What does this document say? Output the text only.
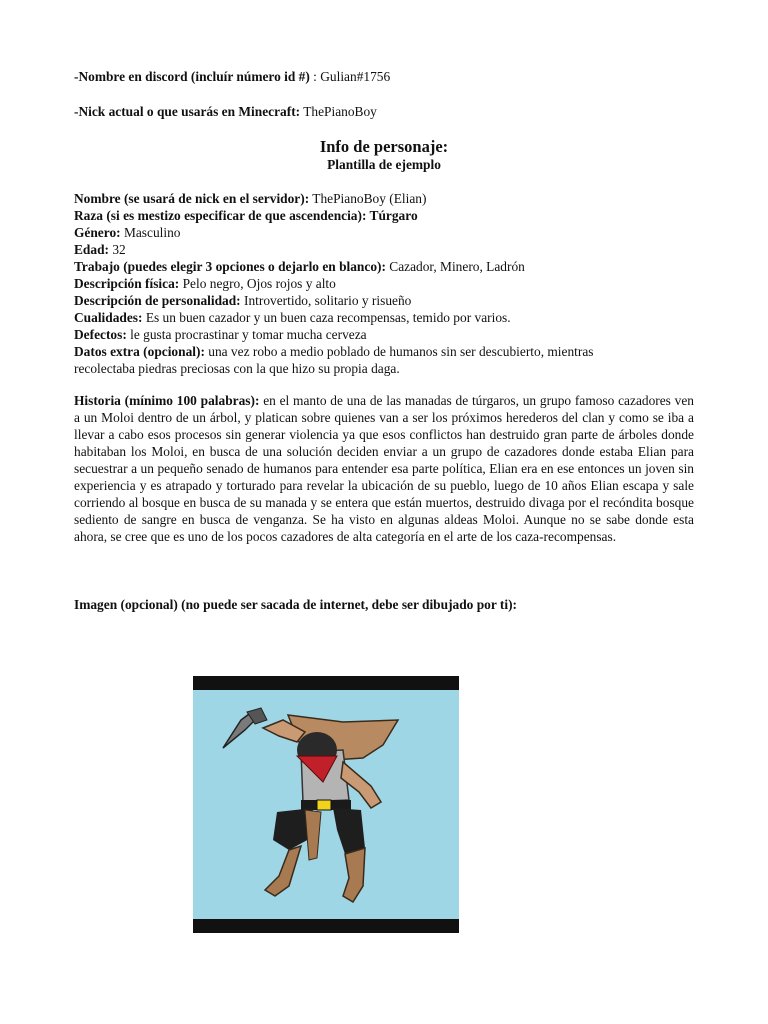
-Nombre en discord (incluír número id #) : Gulian#1756
-Nick actual o que usarás en Minecraft: ThePianoBoy
Info de personaje:
Plantilla de ejemplo
Nombre (se usará de nick en el servidor): ThePianoBoy (Elian)
Raza (si es mestizo especificar de que ascendencia): Túrgaro
Género: Masculino
Edad: 32
Trabajo (puedes elegir 3 opciones o dejarlo en blanco): Cazador, Minero, Ladrón
Descripción física: Pelo negro, Ojos rojos y alto
Descripción de personalidad: Introvertido, solitario y risueño
Cualidades: Es un buen cazador y un buen caza recompensas, temido por varios.
Defectos: le gusta procrastinar y tomar mucha cerveza
Datos extra (opcional): una vez robo a medio poblado de humanos sin ser descubierto, mientras
recolectaba piedras preciosas con la que hizo su propia daga.
Historia (mínimo 100 palabras): en el manto de una de las manadas de túrgaros, un grupo famoso cazadores ven a un Moloi dentro de un árbol, y platican sobre quienes van a ser los próximos herederos del clan y como se iba a llevar a cabo esos procesos sin generar violencia ya que esos conflictos han destruido gran parte de árboles donde habitaban los Moloi, en busca de una solución deciden enviar a un grupo de cazadores donde estaba Elian para secuestrar a un pequeño senado de humanos para entender esa parte política, Elian era en ese entonces un joven sin experiencia y es atrapado y torturado para revelar la ubicación de su pueblo, luego de 10 años Elian escapa y sale corriendo al bosque en busca de su manada y se entera que están muertos, destruido divaga por el recóndita bosque sediento de sangre en busca de venganza. Se ha visto en algunas aldeas Moloi. Aunque no se sabe donde esta ahora, se cree que es uno de los pocos cazadores de alta categoría en el arte de los caza-recompensas.
Imagen (opcional) (no puede ser sacada de internet, debe ser dibujado por ti):
